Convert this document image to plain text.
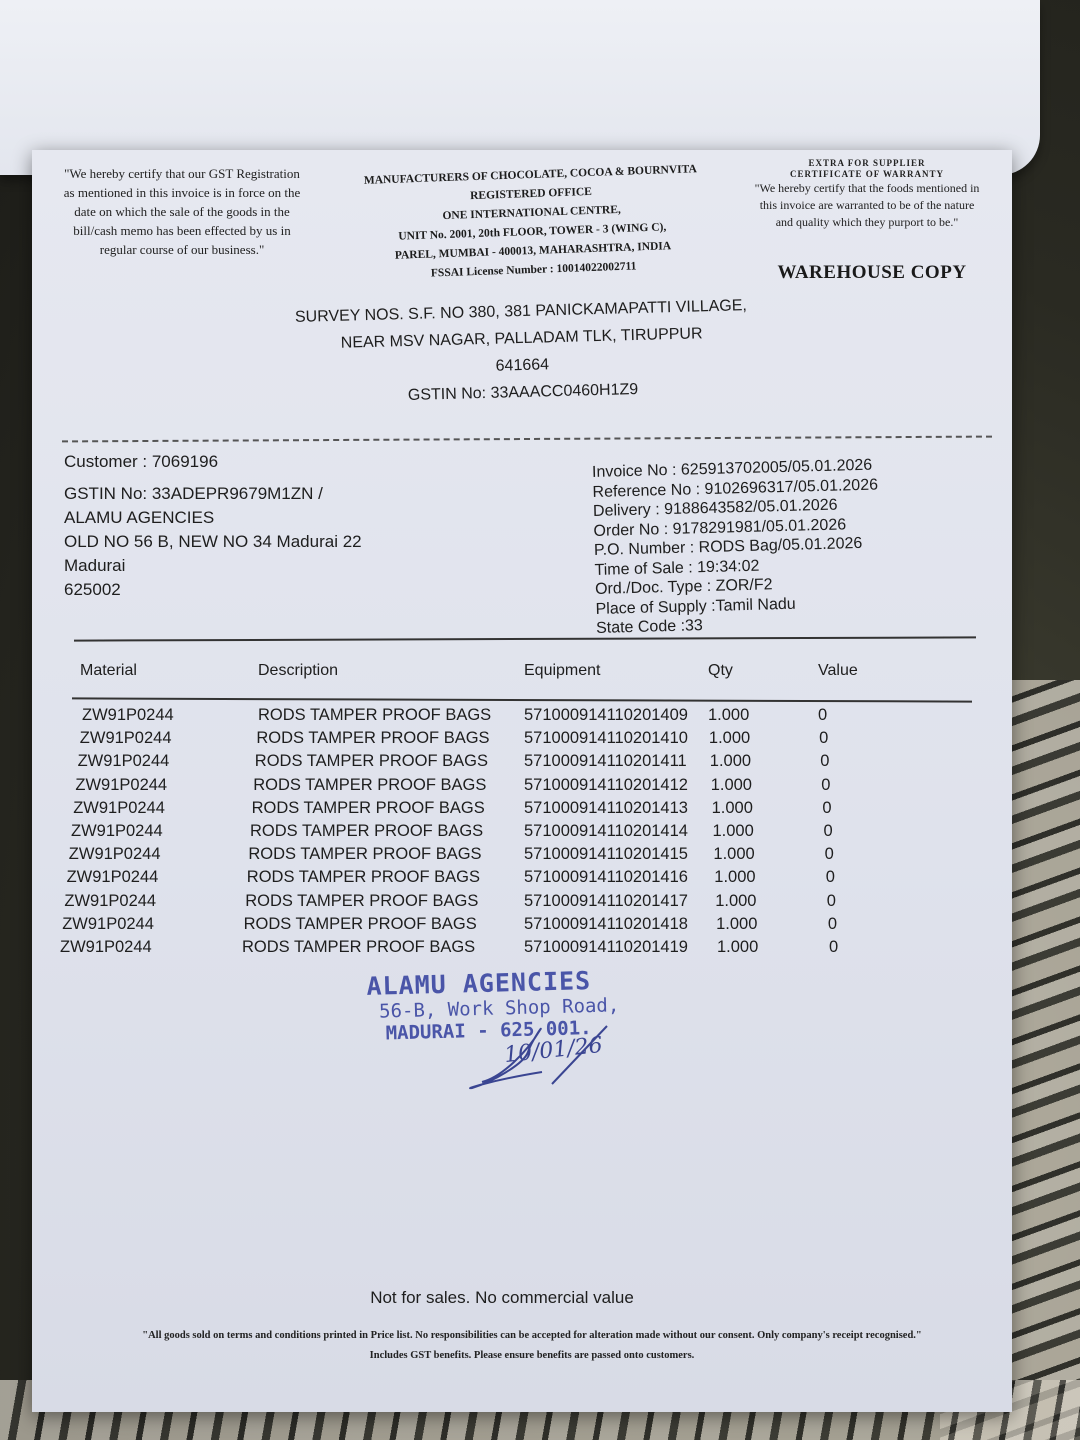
"We hereby certify that our GST Registration as mentioned in this invoice is in force on the date on which the sale of the goods in the bill/cash memo has been effected by us in regular course of our business."
MANUFACTURERS OF CHOCOLATE, COCOA & BOURNVITA
REGISTERED OFFICE
ONE INTERNATIONAL CENTRE,
UNIT No. 2001, 20th FLOOR, TOWER - 3 (WING C),
PAREL, MUMBAI - 400013, MAHARASHTRA, INDIA
FSSAI License Number : 10014022002711
EXTRA FOR SUPPLIER
CERTIFICATE OF WARRANTY
"We hereby certify that the foods mentioned in this invoice are warranted to be of the nature and quality which they purport to be."
WAREHOUSE COPY
SURVEY NOS. S.F. NO 380, 381 PANICKAMAPATTI VILLAGE,
NEAR MSV NAGAR, PALLADAM TLK, TIRUPPUR
641664
GSTIN No: 33AAACC0460H1Z9
Customer : 7069196
GSTIN No: 33ADEPR9679M1ZN /
ALAMU AGENCIES
OLD NO 56 B, NEW NO 34 Madurai 22
Madurai
625002
Invoice No : 625913702005/05.01.2026
Reference No : 9102696317/05.01.2026
Delivery : 9188643582/05.01.2026
Order No : 9178291981/05.01.2026
P.O. Number : RODS Bag/05.01.2026
Time of Sale : 19:34:02
Ord./Doc. Type : ZOR/F2
Place of Supply :Tamil Nadu
State Code :33
Material	Description	Equipment	Qty	Value
ZW91P0244	RODS TAMPER PROOF BAGS 571000914110201409 1.000	0
ZW91P0244	RODS TAMPER PROOF BAGS 571000914110201410 1.000	0
ZW91P0244	RODS TAMPER PROOF BAGS 571000914110201411 1.000	0
ZW91P0244	RODS TAMPER PROOF BAGS 571000914110201412 1.000	0
ZW91P0244	RODS TAMPER PROOF BAGS 571000914110201413 1.000	0
ZW91P0244	RODS TAMPER PROOF BAGS 571000914110201414 1.000	0
ZW91P0244	RODS TAMPER PROOF BAGS	571000914110201415 1.000	0
ZW91P0244	RODS TAMPER PROOF BAGS	571000914110201416 1.000	0
ZW91P0244	RODS TAMPER PROOF BAGS	571000914110201417 1.000	0
ZW91P0244	RODS TAMPER PROOF BAGS	571000914110201418 1.000	0
ZW91P0244	RODS TAMPER PROOF BAGS	571000914110201419 1.000	0
ALAMU AGENCIES
56-B, Work Shop Road,
MADURAI - 625 001.
10/01/26
Not for sales. No commercial value
"All goods sold on terms and conditions printed in Price list. No responsibilities can be accepted for alteration made without our consent. Only company's receipt recognised."
Includes GST benefits. Please ensure benefits are passed onto customers.
